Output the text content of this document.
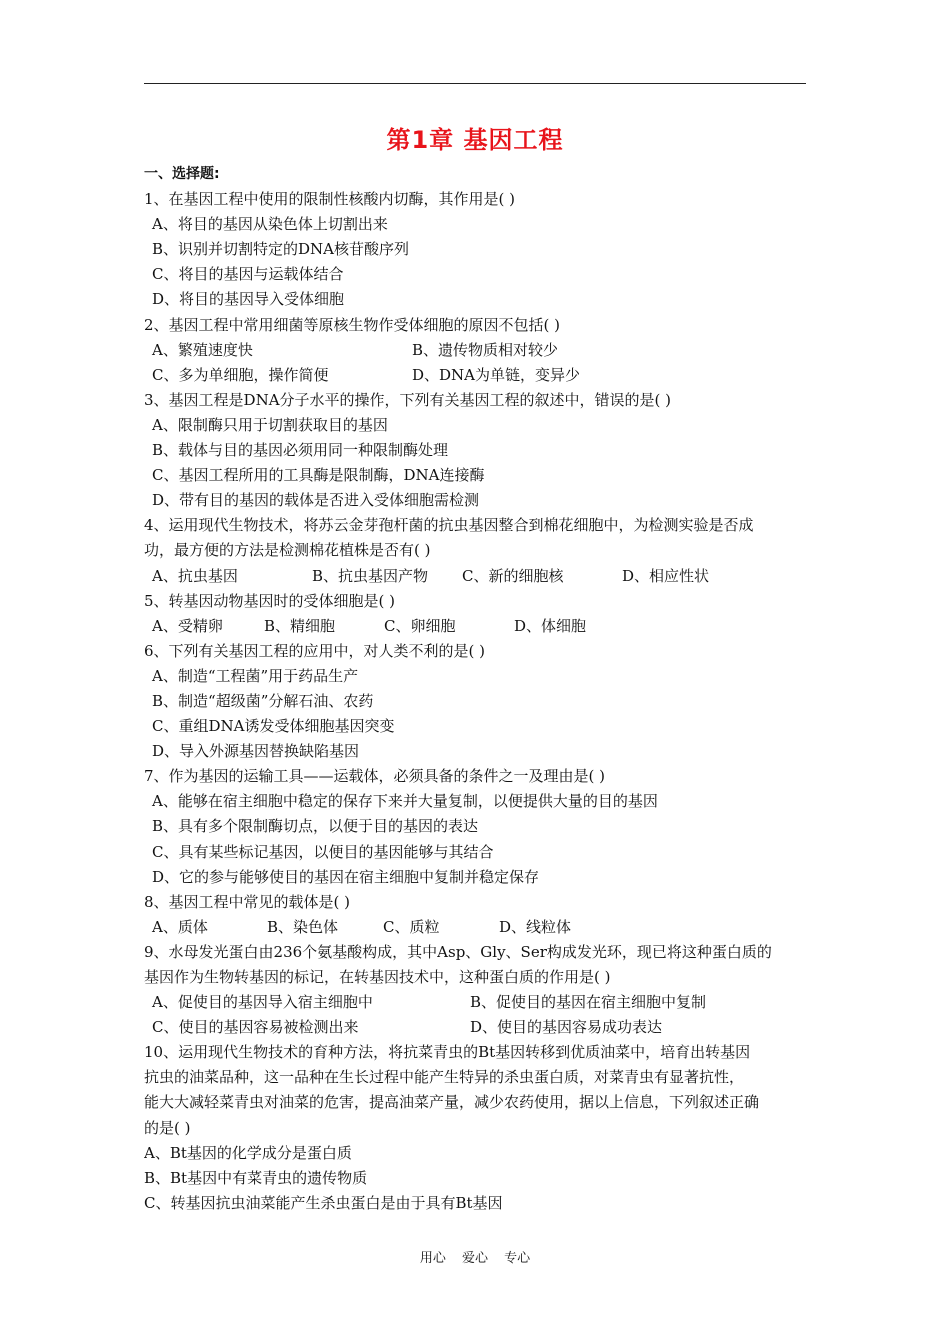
第1章 基因工程
一、选择题:
1、在基因工程中使用的限制性核酸内切酶，其作用是( )
A、将目的基因从染色体上切割出来
B、识别并切割特定的DNA核苷酸序列
C、将目的基因与运载体结合
D、将目的基因导入受体细胞
2、基因工程中常用细菌等原核生物作受体细胞的原因不包括( )
A、繁殖速度快	B、遗传物质相对较少
C、多为单细胞，操作简便	D、DNA为单链，变异少
3、基因工程是DNA分子水平的操作，下列有关基因工程的叙述中，错误的是( )
A、限制酶只用于切割获取目的基因
B、载体与目的基因必须用同一种限制酶处理
C、基因工程所用的工具酶是限制酶，DNA连接酶
D、带有目的基因的载体是否进入受体细胞需检测
4、运用现代生物技术，将苏云金芽孢杆菌的抗虫基因整合到棉花细胞中，为检测实验是否成
功，最方便的方法是检测棉花植株是否有( )
A、抗虫基因	B、抗虫基因产物	C、新的细胞核	D、相应性状
5、转基因动物基因时的受体细胞是( )
A、受精卵	B、精细胞	C、卵细胞	D、体细胞
6、下列有关基因工程的应用中，对人类不利的是( )
A、制造“工程菌”用于药品生产
B、制造“超级菌”分解石油、农药
C、重组DNA诱发受体细胞基因突变
D、导入外源基因替换缺陷基因
7、作为基因的运输工具——运载体，必须具备的条件之一及理由是( )
A、能够在宿主细胞中稳定的保存下来并大量复制，以便提供大量的目的基因
B、具有多个限制酶切点，以便于目的基因的表达
C、具有某些标记基因，以便目的基因能够与其结合
D、它的参与能够使目的基因在宿主细胞中复制并稳定保存
8、基因工程中常见的载体是( )
A、质体	B、染色体	C、质粒	D、线粒体
9、水母发光蛋白由236个氨基酸构成，其中Asp、Gly、Ser构成发光环，现已将这种蛋白质的
基因作为生物转基因的标记，在转基因技术中，这种蛋白质的作用是( )
A、促使目的基因导入宿主细胞中	B、促使目的基因在宿主细胞中复制
C、使目的基因容易被检测出来	D、使目的基因容易成功表达
10、运用现代生物技术的育种方法，将抗菜青虫的Bt基因转移到优质油菜中，培育出转基因
抗虫的油菜品种，这一品种在生长过程中能产生特异的杀虫蛋白质，对菜青虫有显著抗性，
能大大减轻菜青虫对油菜的危害，提高油菜产量，减少农药使用，据以上信息，下列叙述正确
的是( )
A、Bt基因的化学成分是蛋白质
B、Bt基因中有菜青虫的遗传物质
C、转基因抗虫油菜能产生杀虫蛋白是由于具有Bt基因
用心 爱心 专心
